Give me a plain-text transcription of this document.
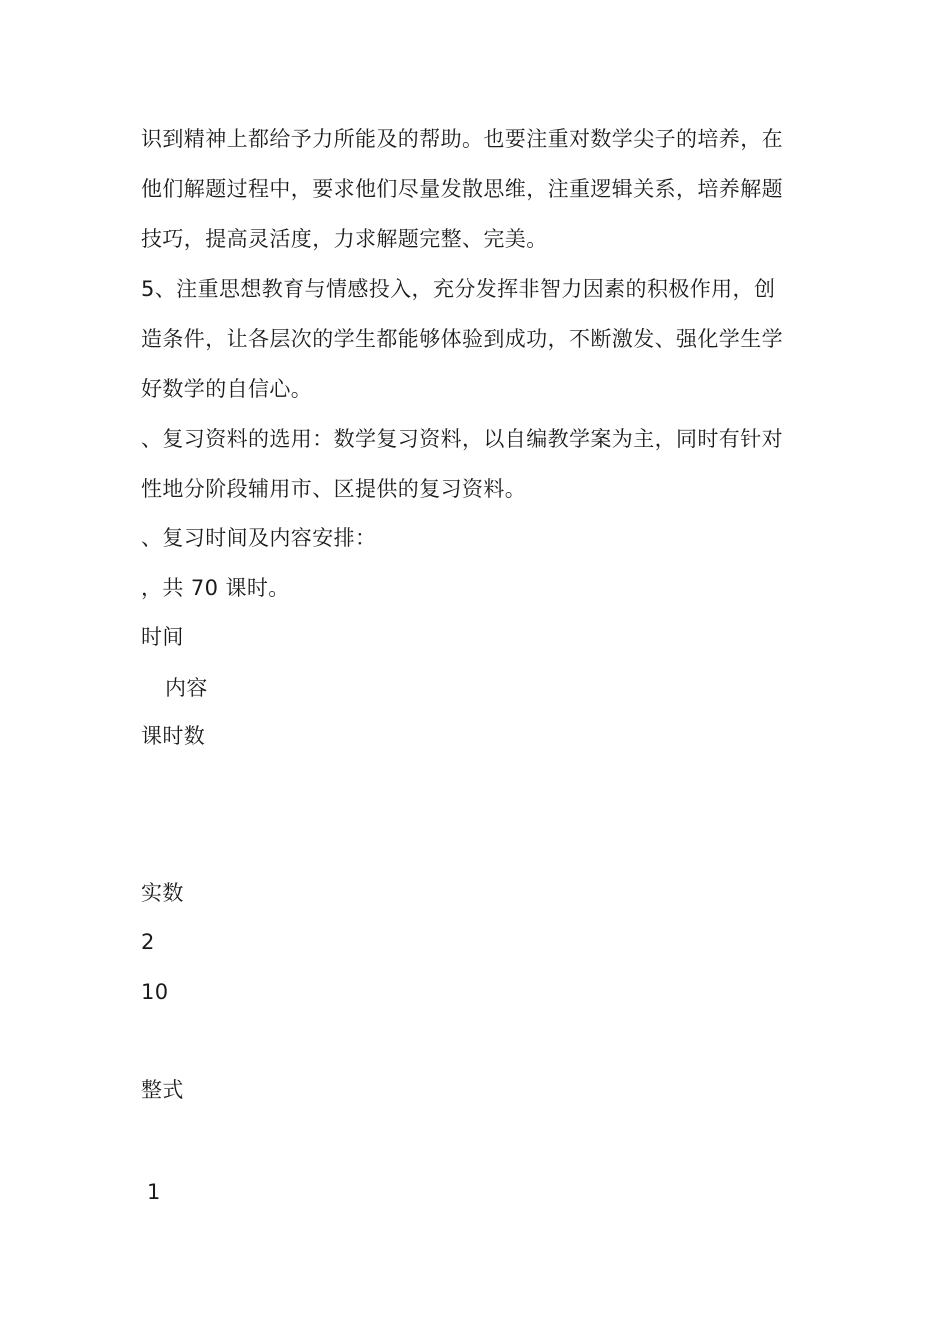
识到精神上都给予力所能及的帮助。也要注重对数学尖子的培养，在
他们解题过程中，要求他们尽量发散思维，注重逻辑关系，培养解题
技巧，提高灵活度，力求解题完整、完美。
5、注重思想教育与情感投入，充分发挥非智力因素的积极作用，创
造条件，让各层次的学生都能够体验到成功，不断激发、强化学生学
好数学的自信心。
、复习资料的选用：数学复习资料，以自编教学案为主，同时有针对
性地分阶段辅用市、区提供的复习资料。
、复习时间及内容安排：
，共 70 课时。
时间
内容
课时数
实数
2
10
整式
1
